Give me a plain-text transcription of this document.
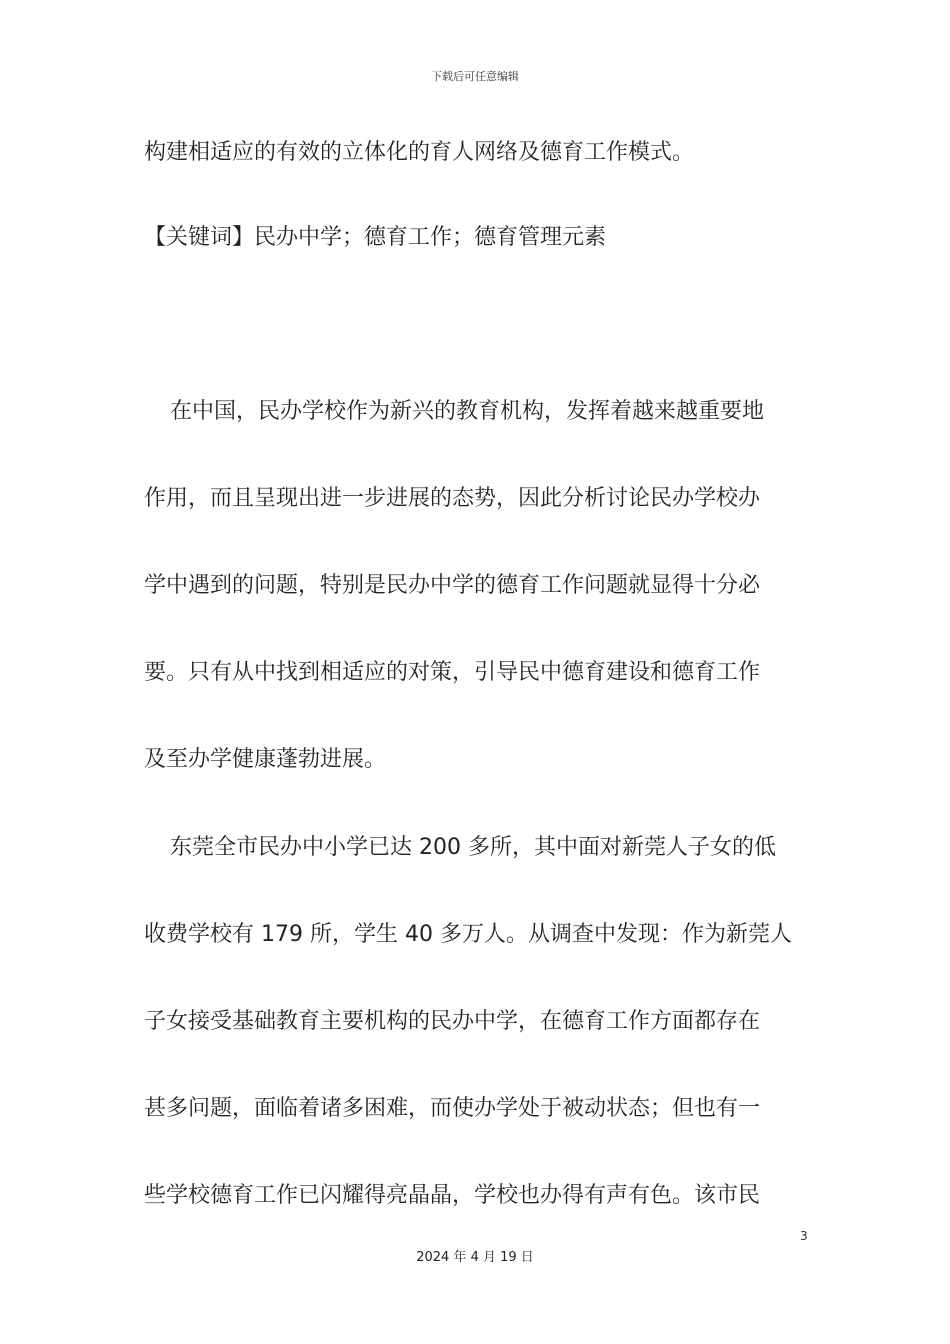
下载后可任意编辑
构建相适应的有效的立体化的育人网络及德育工作模式。
【关键词】民办中学；德育工作；德育管理元素
在中国，民办学校作为新兴的教育机构，发挥着越来越重要地
作用，而且呈现出进一步进展的态势，因此分析讨论民办学校办
学中遇到的问题，特别是民办中学的德育工作问题就显得十分必
要。只有从中找到相适应的对策，引导民中德育建设和德育工作
及至办学健康蓬勃进展。
东莞全市民办中小学已达 200 多所，其中面对新莞人子女的低
收费学校有 179 所，学生 40 多万人。从调查中发现：作为新莞人
子女接受基础教育主要机构的民办中学，在德育工作方面都存在
甚多问题，面临着诸多困难，而使办学处于被动状态；但也有一
些学校德育工作已闪耀得亮晶晶，学校也办得有声有色。该市民
3
2024 年 4 月 19 日
